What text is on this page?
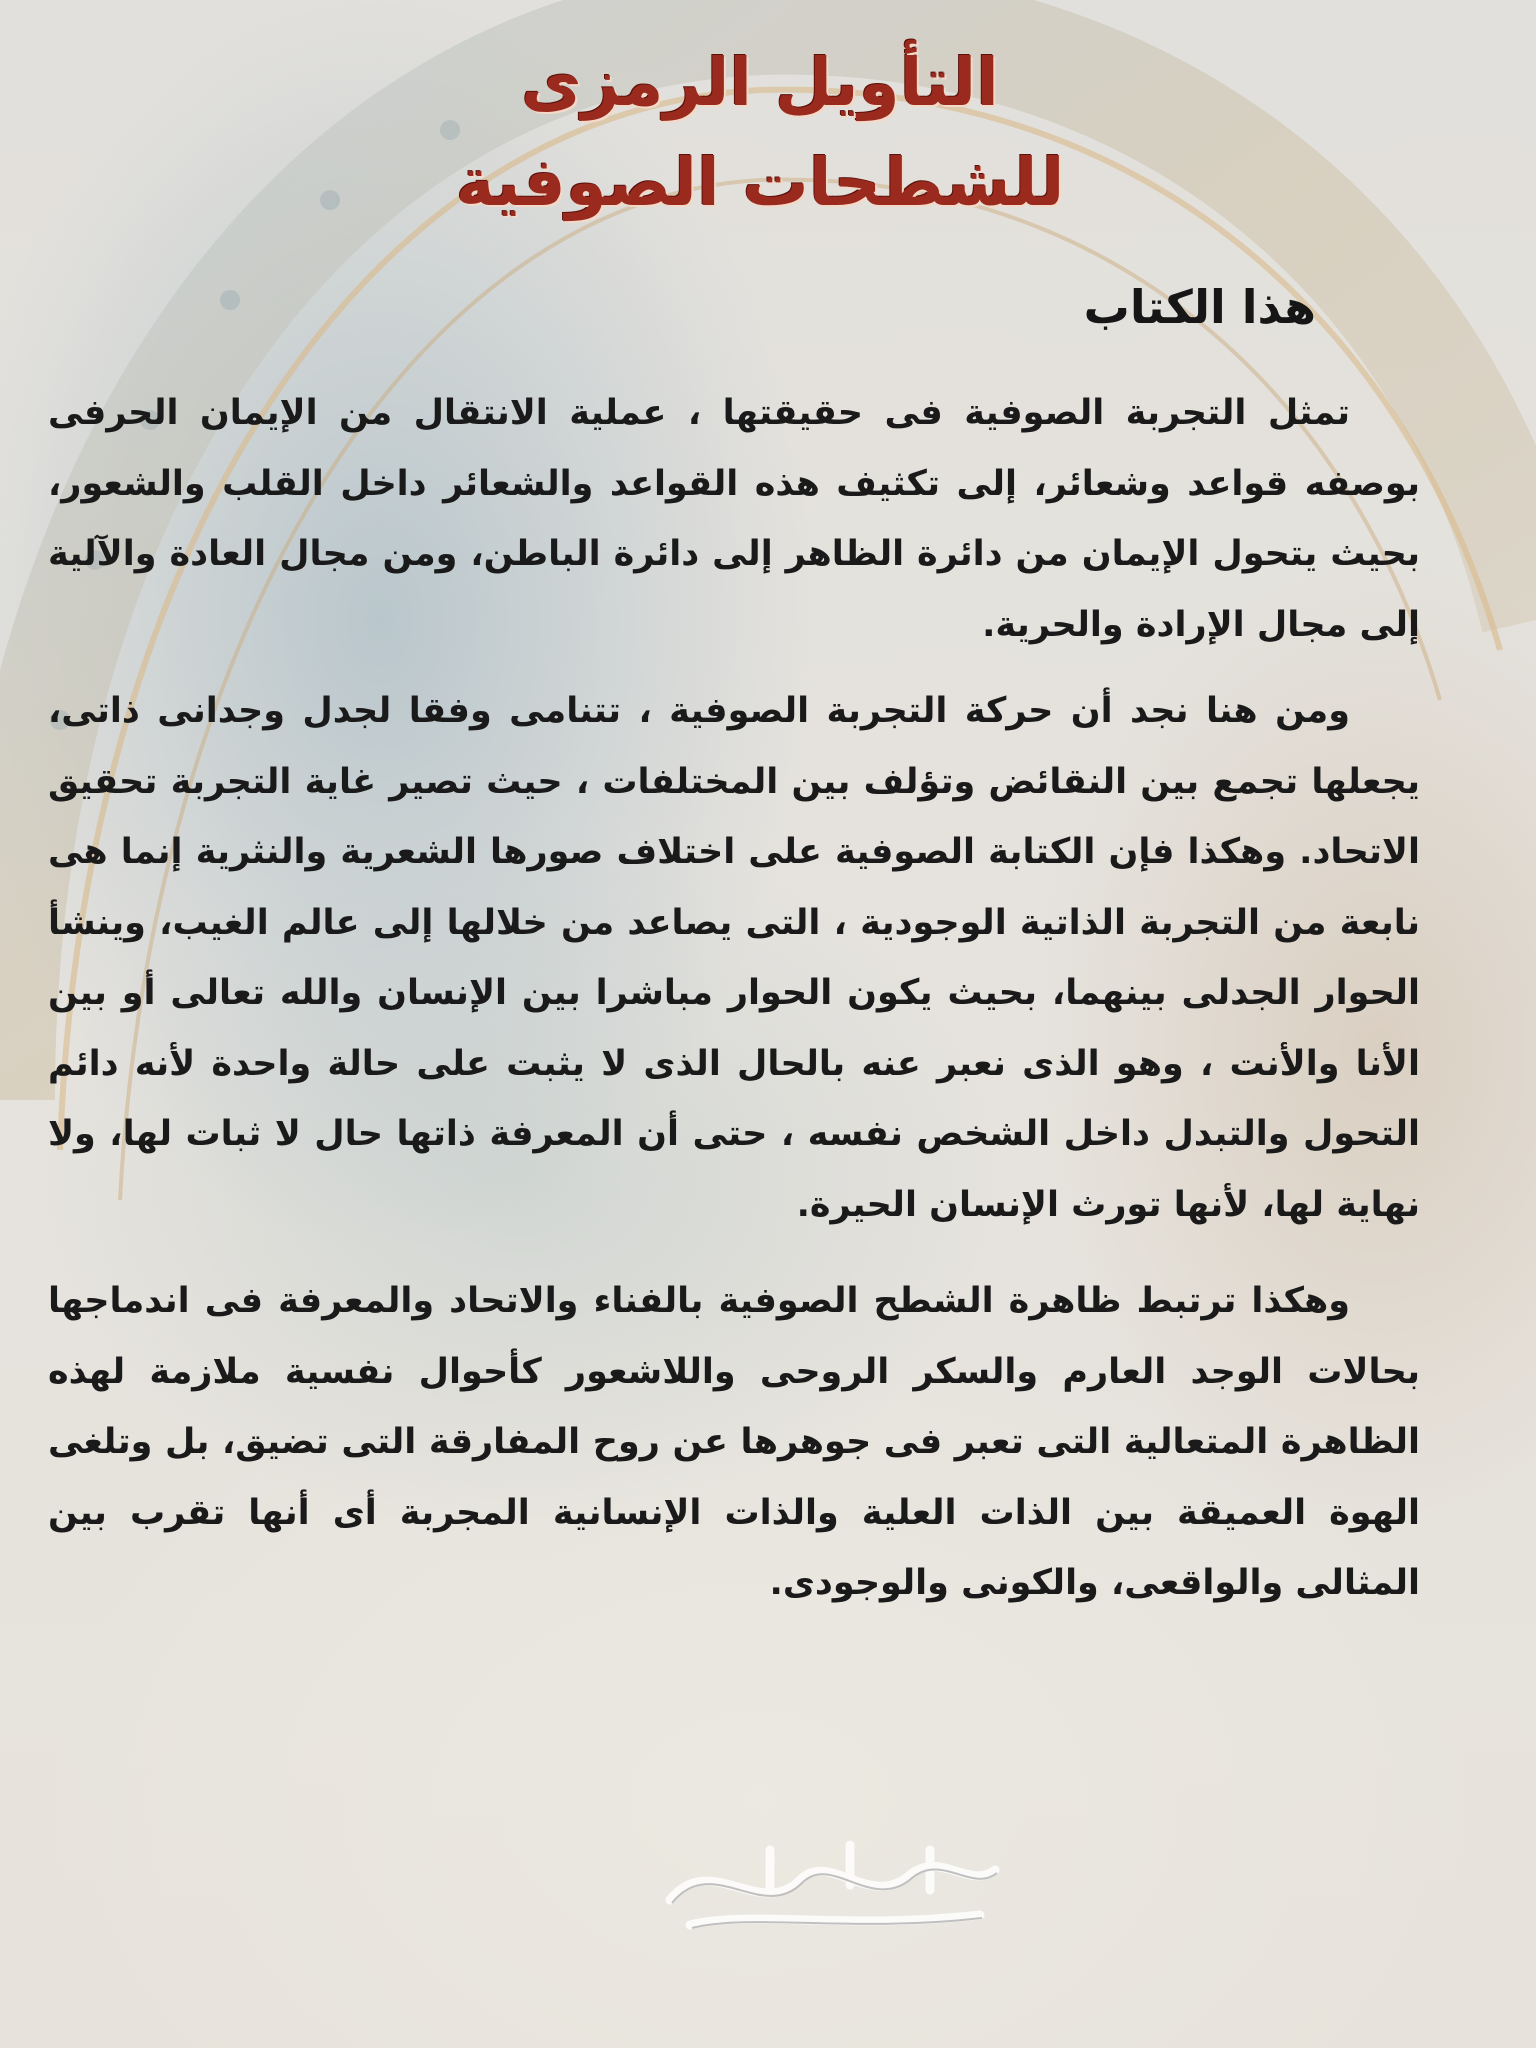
التأويل الرمزى
للشطحات الصوفية
هذا الكتاب

تمثل التجربة الصوفية فى حقيقتها ، عملية الانتقال من الإيمان الحرفى بوصفه قواعد وشعائر، إلى تكثيف هذه القواعد والشعائر داخل القلب والشعور، بحيث يتحول الإيمان من دائرة الظاهر إلى دائرة الباطن، ومن مجال العادة والآلية إلى مجال الإرادة والحرية.

ومن هنا نجد أن حركة التجربة الصوفية ، تتنامى وفقا لجدل وجدانى ذاتى، يجعلها تجمع بين النقائض وتؤلف بين المختلفات ، حيث تصير غاية التجربة تحقيق الاتحاد. وهكذا فإن الكتابة الصوفية على اختلاف صورها الشعرية والنثرية إنما هى نابعة من التجربة الذاتية الوجودية ، التى يصاعد من خلالها إلى عالم الغيب، وينشأ الحوار الجدلى بينهما، بحيث يكون الحوار مباشرا بين الإنسان والله تعالى أو بين الأنا والأنت ، وهو الذى نعبر عنه بالحال الذى لا يثبت على حالة واحدة لأنه دائم التحول والتبدل داخل الشخص نفسه ، حتى أن المعرفة ذاتها حال لا ثبات لها، ولا نهاية لها، لأنها تورث الإنسان الحيرة.

وهكذا ترتبط ظاهرة الشطح الصوفية بالفناء والاتحاد والمعرفة فى اندماجها بحالات الوجد العارم والسكر الروحى واللاشعور كأحوال نفسية ملازمة لهذه الظاهرة المتعالية التى تعبر فى جوهرها عن روح المفارقة التى تضيق، بل وتلغى الهوة العميقة بين الذات العلية والذات الإنسانية المجربة أى أنها تقرب بين المثالى والواقعى، والكونى والوجودى.
